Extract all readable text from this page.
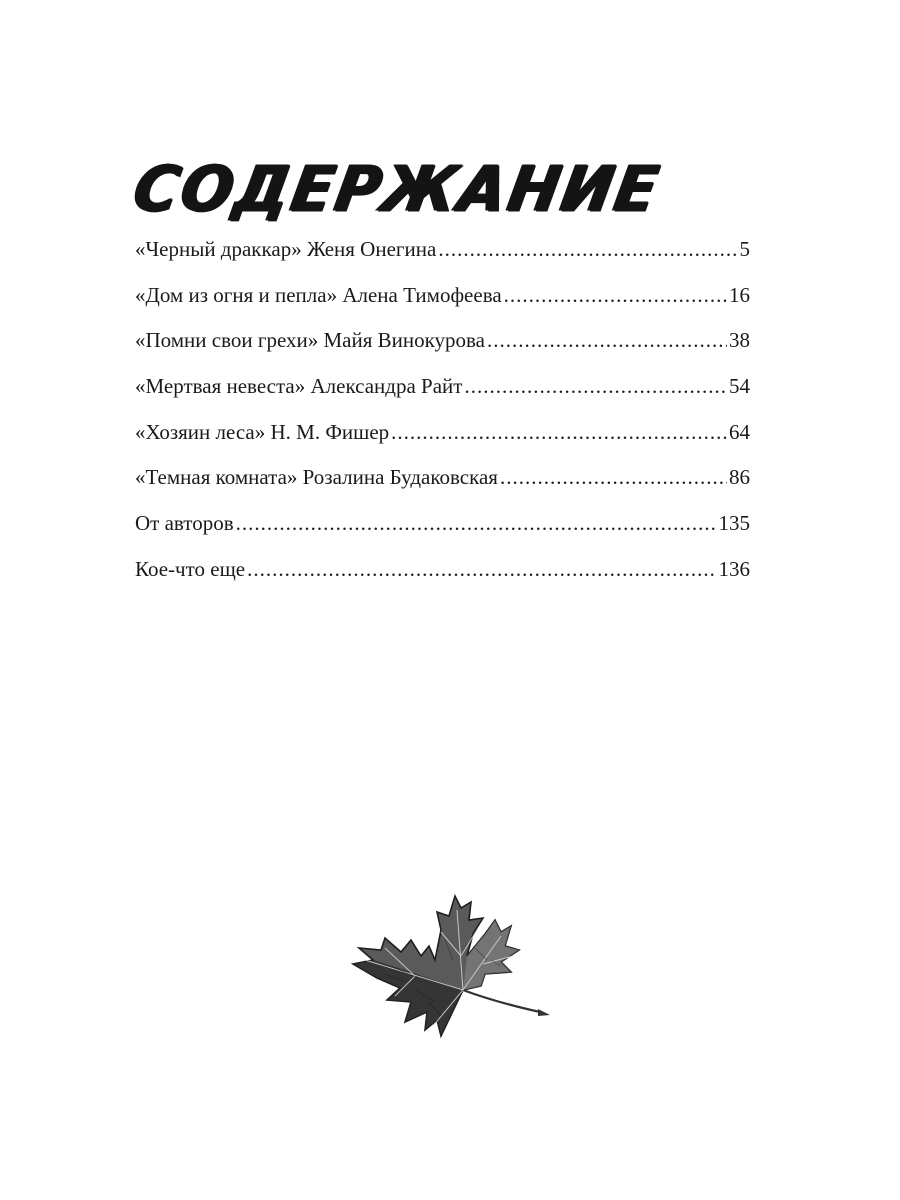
СОДЕРЖАНИЕ
«Черный драккар» Женя Онегина .....	5
«Дом из огня и пепла» Алена Тимофеева .....	16
«Помни свои грехи» Майя Винокурова .....	38
«Мертвая невеста» Александра Райт .....	54
«Хозяин леса» Н. М. Фишер .....	64
«Темная комната» Розалина Будаковская .....	86
От авторов .....	135
Кое-что еще .....	136
